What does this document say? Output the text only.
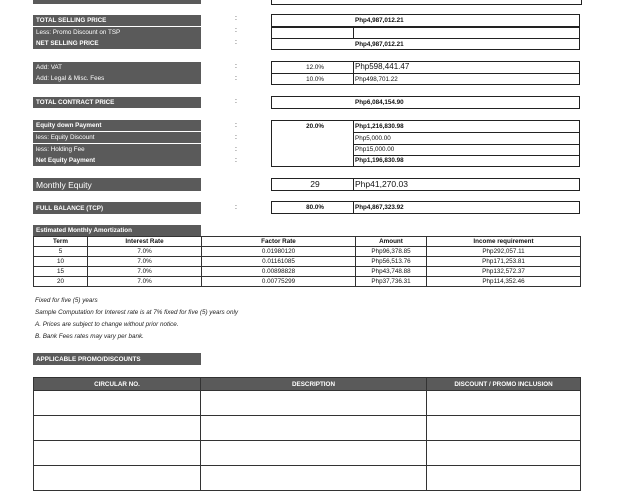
TOTAL SELLING PRICE	:	Php4,987,012.21
Less: Promo Discount on TSP	:
NET SELLING PRICE	:	Php4,987,012.21
Add: VAT	:	12.0%	Php598,441.47
Add: Legal & Misc. Fees	:	10.0%	Php498,701.22
TOTAL CONTRACT PRICE	:	Php6,084,154.90
Equity down Payment	:	20.0%	Php1,216,830.98
less: Equity Discount	:	Php5,000.00
less: Holding Fee	:	Php15,000.00
Net Equity Payment	:	Php1,196,830.98
Monthly Equity	29	Php41,270.03
FULL BALANCE (TCP)	:	80.0%	Php4,867,323.92
Estimated Monthly Amortization
Term	Interest Rate	Factor Rate	Amount	Income requirement
5	7.0%	0.01980120	Php96,378.85	Php292,057.11
10	7.0%	0.01161085	Php56,513.76	Php171,253.81
15	7.0%	0.00898828	Php43,748.88	Php132,572.37
20	7.0%	0.00775299	Php37,736.31	Php114,352.46
Fixed for five (5) years
Sample Computation for Interest rate is at 7% fixed for five (5) years only
A. Prices are subject to change without prior notice.
B. Bank Fees rates may vary per bank.
APPLICABLE PROMO/DISCOUNTS
CIRCULAR NO.	DESCRIPTION	DISCOUNT / PROMO INCLUSION
